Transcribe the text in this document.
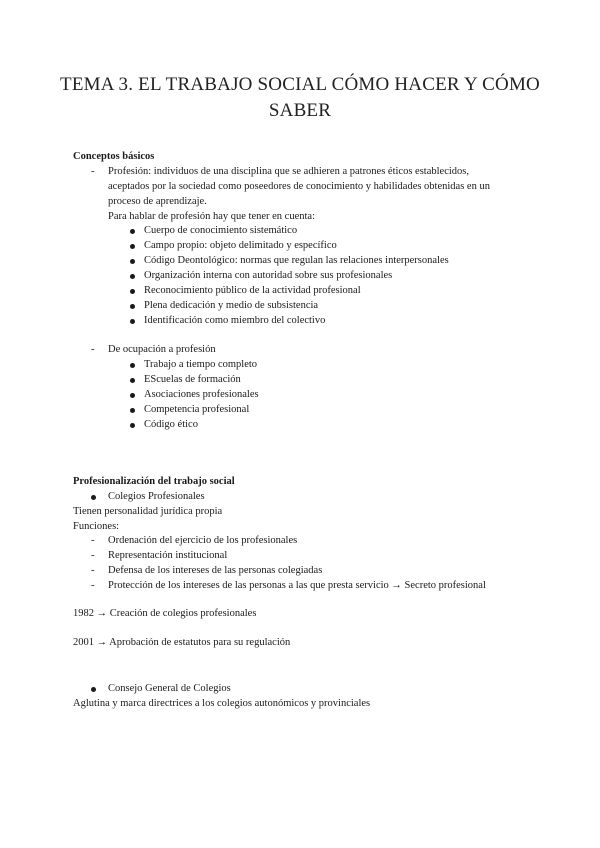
TEMA 3. EL TRABAJO SOCIAL CÓMO HACER Y CÓMO SABER
Conceptos básicos
- Profesión: individuos de una disciplina que se adhieren a patrones éticos establecidos,
aceptados por la sociedad como poseedores de conocimiento y habilidades obtenidas en un
proceso de aprendizaje.
Para hablar de profesión hay que tener en cuenta:
Cuerpo de conocimiento sistemático
Campo propio: objeto delimitado y específico
Código Deontológico: normas que regulan las relaciones interpersonales
Organización interna con autoridad sobre sus profesionales
Reconocimiento público de la actividad profesional
Plena dedicación y medio de subsistencia
Identificación como miembro del colectivo
- De ocupación a profesión
Trabajo a tiempo completo
EScuelas de formación
Asociaciones profesionales
Competencia profesional
Código ético
Profesionalización del trabajo social
Colegios Profesionales
Tienen personalidad jurídica propia
Funciones:
- Ordenación del ejercicio de los profesionales
- Representación institucional
- Defensa de los intereses de las personas colegiadas
- Protección de los intereses de las personas a las que presta servicio → Secreto profesional
1982 → Creación de colegios profesionales
2001 → Aprobación de estatutos para su regulación
Consejo General de Colegios
Aglutina y marca directrices a los colegios autonómicos y provinciales
